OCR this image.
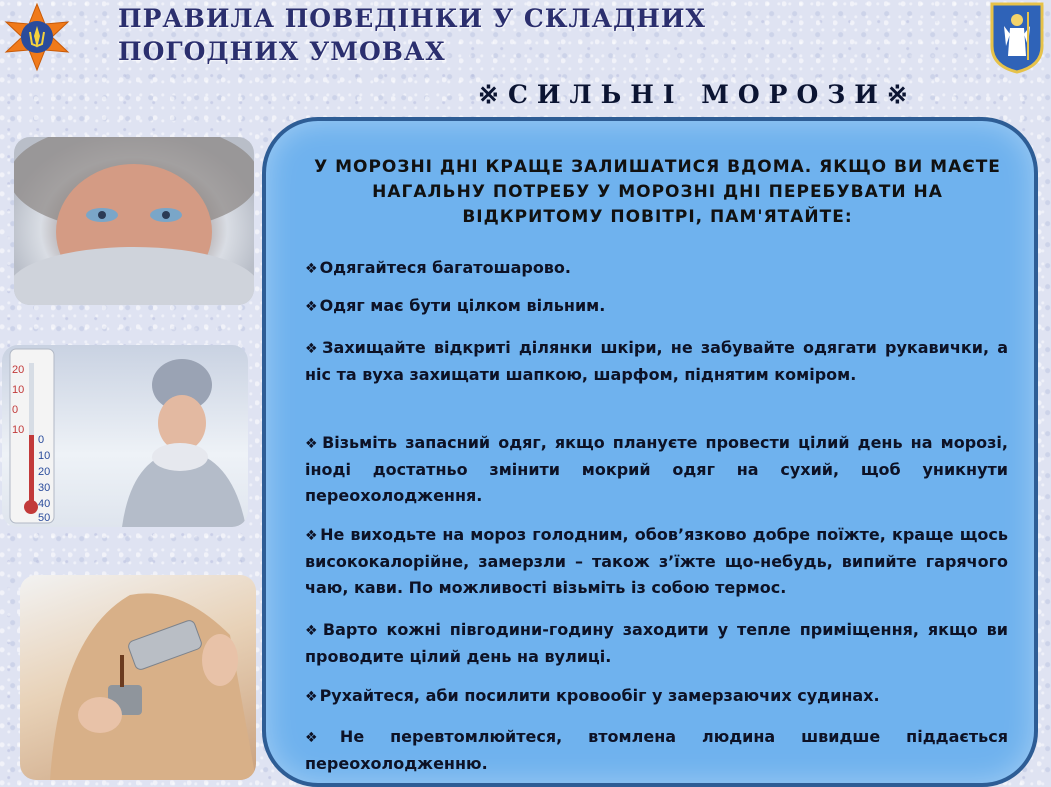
ПРАВИЛА ПОВЕДІНКИ У СКЛАДНИХ
ПОГОДНИХ УМОВАХ
※СИЛЬНІ МОРОЗИ※
20
10
0
10
0
10
20
30
40
50

У МОРОЗНІ ДНІ КРАЩЕ ЗАЛИШАТИСЯ ВДОМА. ЯКЩО ВИ МАЄТЕ НАГАЛЬНУ ПОТРЕБУ У МОРОЗНІ ДНІ ПЕРЕБУВАТИ НА ВІДКРИТОМУ ПОВІТРІ, ПАМ'ЯТАЙТЕ:

❖ Одягайтеся багатошарово.

❖ Одяг має бути цілком вільним.

❖ Захищайте відкриті ділянки шкіри, не забувайте одягати рукавички, а ніс та вуха захищати шапкою, шарфом, піднятим коміром.

❖ Візьміть запасний одяг, якщо плануєте провести цілий день на морозі, іноді достатньо змінити мокрий одяг на сухий, щоб уникнути переохолодження.

❖ Не виходьте на мороз голодним, обов’язково добре поїжте, краще щось висококалорійне, замерзли – також з’їжте що-небудь, випийте гарячого чаю, кави. По можливості візьміть із собою термос.

❖ Варто кожні півгодини-годину заходити у тепле приміщення, якщо ви проводите цілий день на вулиці.

❖ Рухайтеся, аби посилити кровообіг у замерзаючих судинах.

❖ Не перевтомлюйтеся, втомлена людина швидше піддається переохолодженню.
